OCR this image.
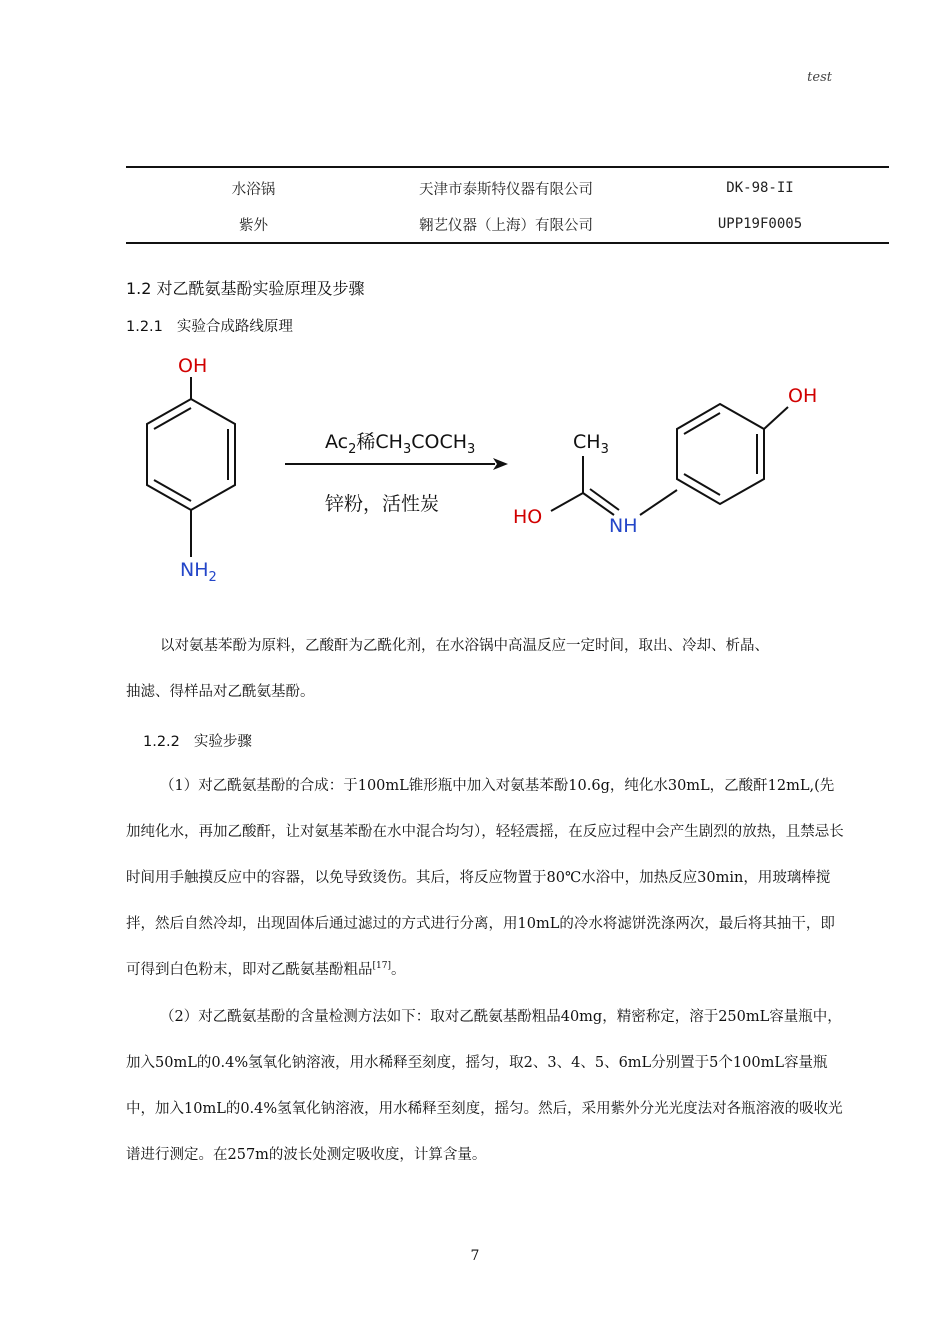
test
水浴锅	天津市泰斯特仪器有限公司	DK-98-II
紫外	翱艺仪器（上海）有限公司	UPP19F0005
1.2 对乙酰氨基酚实验原理及步骤
1.2.1 实验合成路线原理
OH
$NH_2$
$Ac_2$稀$CH_3COCH_3$
锌粉，活性炭
$CH_3$
HO	NH
OH
以对氨基苯酚为原料，乙酸酐为乙酰化剂，在水浴锅中高温反应一定时间，取出、冷却、析晶、
抽滤、得样品对乙酰氨基酚。
1.2.2 实验步骤

（1）对乙酰氨基酚的合成：于100mL锥形瓶中加入对氨基苯酚10.6g，纯化水30mL，乙酸酐12mL,(先加纯化水，再加乙酸酐，让对氨基苯酚在水中混合均匀），轻轻震摇，在反应过程中会产生剧烈的放热，且禁忌长时间用手触摸反应中的容器，以免导致烫伤。其后，将反应物置于80℃水浴中，加热反应30min，用玻璃棒搅拌，然后自然冷却，出现固体后通过滤过的方式进行分离，用10mL的冷水将滤饼洗涤两次，最后将其抽干，即可得到白色粉末，即对乙酰氨基酚粗品[17]。

（2）对乙酰氨基酚的含量检测方法如下：取对乙酰氨基酚粗品40mg，精密称定，溶于250mL容量瓶中，加入50mL的0.4%氢氧化钠溶液，用水稀释至刻度，摇匀，取2、3、4、5、6mL分别置于5个100mL容量瓶中，加入10mL的0.4%氢氧化钠溶液，用水稀释至刻度，摇匀。然后，采用紫外分光光度法对各瓶溶液的吸收光谱进行测定。在257m的波长处测定吸收度，计算含量。

7
